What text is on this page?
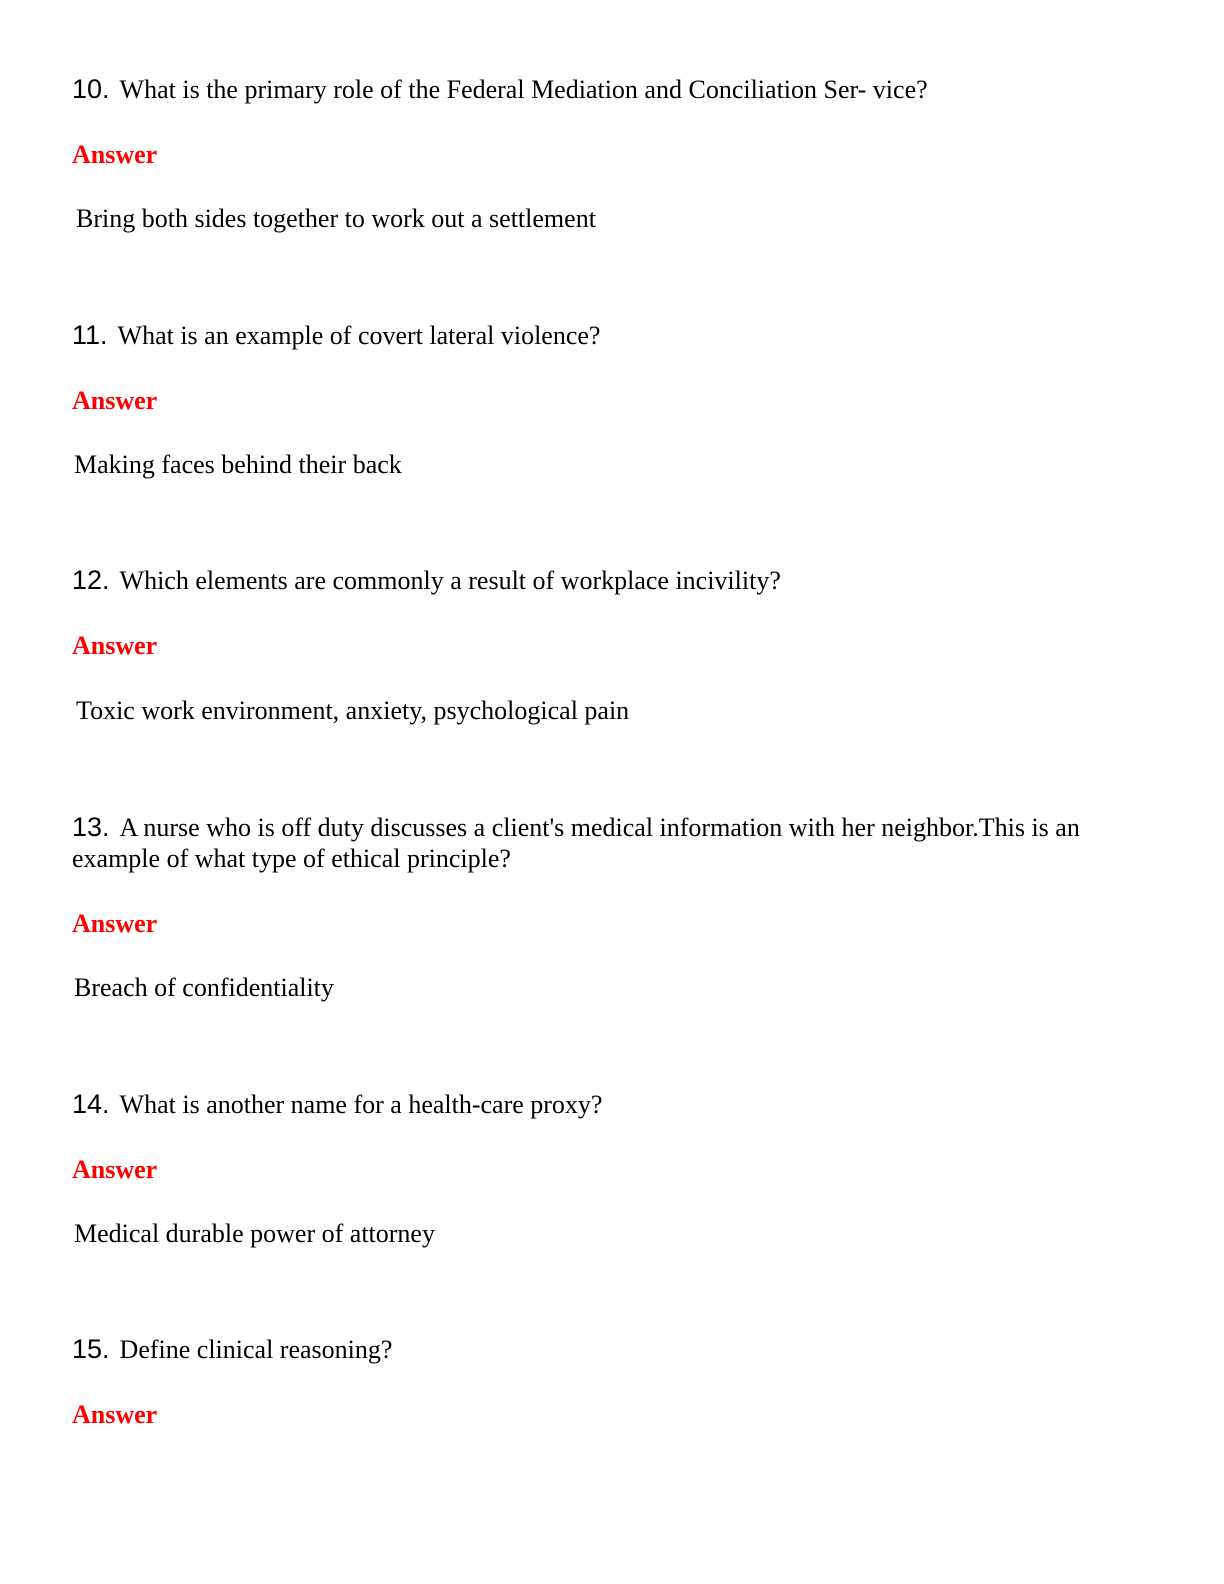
10. What is the primary role of the Federal Mediation and Conciliation Ser- vice?

Answer

Bring both sides together to work out a settlement

11. What is an example of covert lateral violence?

Answer

Making faces behind their back

12. Which elements are commonly a result of workplace incivility?

Answer

Toxic work environment, anxiety, psychological pain

13. A nurse who is off duty discusses a client's medical information with her neighbor.This is an example of what type of ethical principle?

Answer

Breach of confidentiality

14. What is another name for a health-care proxy?

Answer

Medical durable power of attorney

15. Define clinical reasoning?

Answer
